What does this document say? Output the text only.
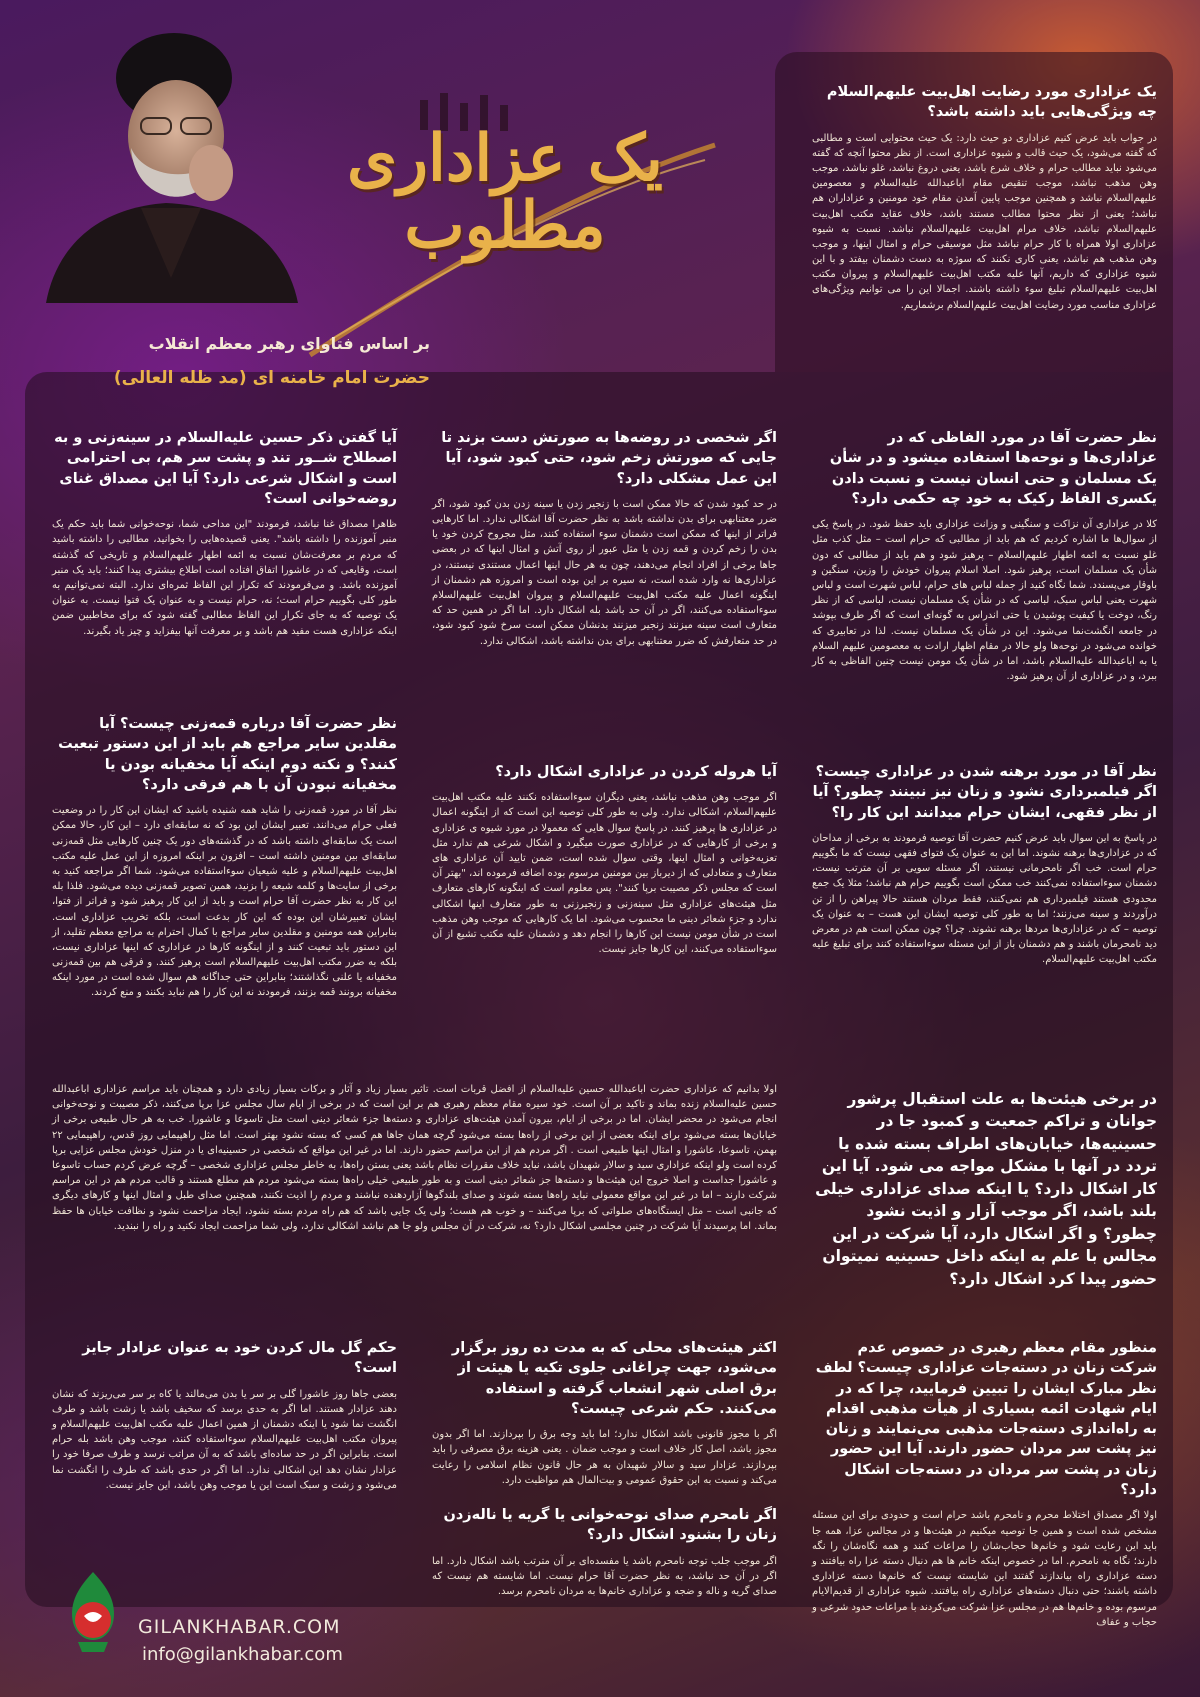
یک عزاداری مطلوب
بر اساس فتاوای رهبر معظم انقلاب
حضرت امام خامنه ای (مد ظله العالی)
یک عزاداری مورد رضایت اهل‌بیت علیهم‌السلام چه ویژگی‌هایی باید داشته باشد؟

در جواب باید عرض کنیم عزاداری دو حیث دارد: یک حیث محتوایی است و مطالبی که گفته می‌شود، یک حیث قالب و شیوه عزاداری است. از نظر محتوا آنچه که گفته می‌شود نباید مطالب حرام و خلاف شرع باشد، یعنی دروغ نباشد، غلو نباشد، موجب وهن مذهب نباشد، موجب تنقیص مقام اباعبدالله علیه‌السلام و معصومین علیهم‌السلام نباشد و همچنین موجب پایین آمدن مقام خود مومنین و عزاداران هم نباشد؛ یعنی از نظر محتوا مطالب مستند باشد، خلاف عقاید مکتب اهل‌بیت علیهم‌السلام نباشد، خلاف مرام اهل‌بیت علیهم‌السلام نباشد. نسبت به شیوه عزاداری اولا همراه با کار حرام نباشد مثل موسیقی حرام و امثال اینها، و موجب وهن مذهب هم نباشد، یعنی کاری نکنند که سوژه به دست دشمنان بیفتد و با این شیوه عزاداری که داریم، آنها علیه مکتب اهل‌بیت علیهم‌السلام و پیروان مکتب اهل‌بیت علیهم‌السلام تبلیغ سوء داشته باشند. اجمالا این را می توانیم ویژگی‌های عزاداری مناسب مورد رضایت اهل‌بیت علیهم‌السلام برشماریم.

نظر حضرت آقا در مورد الفاظی که در عزاداری‌ها و نوحه‌ها استفاده میشود و در شأن یک مسلمان و حتی انسان نیست و نسبت دادن یکسری الفاظ رکیک به خود چه حکمی دارد؟

کلا در عزاداری آن نزاکت و سنگینی و وزانت عزاداری باید حفظ شود. در پاسخ یکی از سوال‌ها ما اشاره کردیم که هم باید از مطالبی که حرام است – مثل کذب مثل غلو نسبت به ائمه اطهار علیهم‌السلام – پرهیز شود و هم باید از مطالبی که دون شأن یک مسلمان است، پرهیز شود. اصلا اسلام پیروان خودش را وزین، سنگین و باوقار می‌پسندد. شما نگاه کنید از جمله لباس های حرام، لباس شهرت است و لباس شهرت یعنی لباس سبک، لباسی که در شأن یک مسلمان نیست، لباسی که از نظر رنگ، دوخت یا کیفیت پوشیدن یا حتی اندراس به گونه‌ای است که اگر طرف بپوشد در جامعه انگشت‌نما می‌شود. این در شأن یک مسلمان نیست. لذا در تعابیری که خوانده می‌شود در نوحه‌ها ولو حالا در مقام اظهار ارادت به معصومین علیهم السلام یا به اباعبدالله علیه‌السلام باشد، اما در شأن یک مومن نیست چنین الفاظی به کار ببرد، و در عزاداری از آن پرهیز شود.

اگر شخصی در روضه‌ها به صورتش دست بزند تا جایی که صورتش زخم شود، حتی کبود شود، آیا این عمل مشکلی دارد؟

در حد کبود شدن که حالا ممکن است با زنجیر زدن یا سینه زدن بدن کبود شود، اگر ضرر معتنابهی برای بدن نداشته باشد به نظر حضرت آقا اشکالی ندارد. اما کارهایی فراتر از اینها که ممکن است دشمنان سوء استفاده کنند، مثل مجروح کردن خود یا بدن را زخم کردن و قمه زدن یا مثل عبور از روی آتش و امثال اینها که در بعضی جاها برخی از افراد انجام می‌دهند، چون به هر حال اینها اعمال مستندی نیستند، در عزاداری‌ها نه وارد شده است، نه سیره بر این بوده است و امروزه هم دشمنان از اینگونه اعمال علیه مکتب اهل‌بیت علیهم‌السلام و پیروان اهل‌بیت علیهم‌السلام سوءاستفاده می‌کنند، اگر در آن حد باشد بله اشکال دارد. اما اگر در همین حد که متعارف است سینه میزنند زنجیر میزنند بدنشان ممکن است سرخ شود کبود شود، در حد متعارفش که ضرر معتنابهی برای بدن نداشته باشد، اشکالی ندارد.

آیا گفتن ذکر حسین علیه‌السلام در سینه‌زنی و به اصطلاح شــور تند و پشت سر هم، بی احترامی است و اشکال شرعی دارد؟ آیا این مصداق غنای روضه‌خوانی است؟

ظاهرا مصداق غنا نباشد، فرمودند "این مداحی شما، نوحه‌خوانی شما باید حکم یک منبر آموزنده را داشته باشد". یعنی قصیده‌هایی را بخوانید، مطالبی را داشته باشید که مردم بر معرفت‌شان نسبت به ائمه اطهار علیهم‌السلام و تاریخی که گذشته است، وقایعی که در عاشورا اتفاق افتاده است اطلاع بیشتری پیدا کنند؛ باید یک منبر آموزنده باشد. و می‌فرمودند که تکرار این الفاظ ثمره‌ای ندارد. البته نمی‌توانیم به طور کلی بگوییم حرام است؛ نه، حرام نیست و به عنوان یک فتوا نیست. به عنوان یک توصیه که به جای تکرار این الفاظ مطالبی گفته شود که برای مخاطبین ضمن اینکه عزاداری هست مفید هم باشد و بر معرفت آنها بیفزاید و چیز یاد بگیرند.

نظر آقا در مورد برهنه شدن در عزاداری چیست؟ اگر فیلمبرداری نشود و زنان نیز نبینند چطور؟ آیا از نظر فقهی، ایشان حرام میدانند این کار را؟

در پاسخ به این سوال باید عرض کنیم حضرت آقا توصیه فرمودند به برخی از مداحان که در عزاداری‌ها برهنه نشوند. اما این به عنوان یک فتوای فقهی نیست که ما بگوییم حرام است. خب اگر نامحرمانی نیستند، اگر مسئله سویی بر آن مترتب نیست، دشمنان سوءاستفاده نمی‌کنند خب ممکن است بگوییم حرام هم نباشد؛ مثلا یک جمع محدودی هستند فیلمبرداری هم نمی‌کنند، فقط مردان هستند حالا پیراهن را از تن درآوردند و سینه می‌زنند؛ اما به طور کلی توصیه ایشان این هست – به عنوان یک توصیه – که در عزاداری‌ها مردها برهنه نشوند. چرا؟ چون ممکن است هم در معرض دید نامحرمان باشند و هم دشمنان باز از این مسئله سوءاستفاده کنند برای تبلیغ علیه مکتب اهل‌بیت علیهم‌السلام.

آیا هروله کردن در عزاداری اشکال دارد؟

اگر موجب وهن مذهب نباشد، یعنی دیگران سوءاستفاده نکنند علیه مکتب اهل‌بیت علیهم‌السلام، اشکالی ندارد. ولی به طور کلی توصیه این است که از اینگونه اعمال در عزاداری ها پرهیز کنند. در پاسخ سوال هایی که معمولا در مورد شیوه ی عزاداری و برخی از کارهایی که در عزاداری صورت میگیرد و اشکال شرعی هم ندارد مثل تعزیه‌خوانی و امثال اینها، وقتی سوال شده است، ضمن تایید آن عزاداری های متعارف و متعادلی که از دیرباز بین مومنین مرسوم بوده اضافه فرموده اند، "بهتر آن است که مجلس ذکر مصیبت برپا کنند". پس معلوم است که اینگونه کارهای متعارف مثل هیئت‌های عزاداری مثل سینه‌زنی و زنجیرزنی به طور متعارف اینها اشکالی ندارد و جزء شعائر دینی ما محسوب می‌شود. اما یک کارهایی که موجب وهن مذهب است در شأن مومن نیست این کارها را انجام دهد و دشمنان علیه مکتب تشیع از آن سوءاستفاده می‌کنند، این کارها جایز نیست.

نظر حضرت آقا درباره قمه‌زنی چیست؟ آیا مقلدین سایر مراجع هم باید از این دستور تبعیت کنند؟ و نکته دوم اینکه آیا مخفیانه بودن یا مخفیانه نبودن آن با هم فرقی دارد؟

نظر آقا در مورد قمه‌زنی را شاید همه شنیده باشید که ایشان این کار را در وضعیت فعلی حرام می‌دانند. تعبیر ایشان این بود که نه سابقه‌ای دارد – این کار، حالا ممکن است یک سابقه‌ای داشته باشد که در گذشته‌های دور یک چنین کارهایی مثل قمه‌زنی سابقه‌ای بین مومنین داشته است – افزون بر اینکه امروزه از این عمل علیه مکتب اهل‌بیت علیهم‌السلام و علیه شیعیان سوءاستفاده می‌شود. شما اگر مراجعه کنید به برخی از سایت‌ها و کلمه شیعه را بزنید، همین تصویر قمه‌زنی دیده می‌شود. فلذا بله این کار به نظر حضرت آقا حرام است و باید از این کار پرهیز شود و فراتر از فتوا، ایشان تعبیرشان این بوده که این کار بدعت است، بلکه تخریب عزاداری است. بنابراین همه مومنین و مقلدین سایر مراجع با کمال احترام به مراجع معظم تقلید، از این دستور باید تبعیت کنند و از اینگونه کارها در عزاداری که اینها عزاداری نیست، بلکه به ضرر مکتب اهل‌بیت علیهم‌السلام است پرهیز کنند. و فرقی هم بین قمه‌زنی مخفیانه یا علنی نگذاشتند؛ بنابراین حتی جداگانه هم سوال شده است در مورد اینکه مخفیانه برونند قمه بزنند، فرمودند نه این کار را هم نباید بکنند و منع کردند.

در برخی هیئت‌ها به علت استقبال پرشور جوانان و تراکم جمعیت و کمبود جا در حسینیه‌ها، خیابان‌های اطراف بسته شده یا تردد در آنها با مشکل مواجه می شود. آیا این کار اشکال دارد؟ یا اینکه صدای عزاداری خیلی بلند باشد، اگر موجب آزار و اذیت نشود چطور؟ و اگر اشکال دارد، آیا شرکت در این مجالس با علم به اینکه داخل حسینیه نمیتوان حضور پیدا کرد اشکال دارد؟

اولا بدانیم که عزاداری حضرت اباعبدالله حسین علیه‌السلام از افضل قربات است. تاثیر بسیار زیاد و آثار و برکات بسیار زیادی دارد و همچنان باید مراسم عزاداری اباعبدالله حسین علیه‌السلام زنده بماند و تاکید بر آن است. خود سیره مقام معظم رهبری هم بر این است که در برخی از ایام سال مجلس عزا برپا می‌کنند، ذکر مصیبت و نوحه‌خوانی انجام می‌شود در محضر ایشان. اما در برخی از ایام، بیرون آمدن هیئت‌های عزاداری و دسته‌ها جزء شعائر دینی است مثل تاسوعا و عاشورا. خب به هر حال طبیعی برخی از خیابان‌ها بسته می‌شود برای اینکه بعضی از این برخی از راه‌ها بسته می‌شود گرچه همان جاها هم کسی که بسته نشود بهتر است. اما مثل راهپیمایی روز قدس، راهپیمایی ۲۲ بهمن، تاسوعا، عاشورا و امثال اینها طبیعی است . اگر مردم هم از این مراسم حضور دارند. اما در غیر این مواقع که شخصی در حسینیه‌ای یا در منزل خودش مجلس عزایی برپا کرده است ولو اینکه عزاداری سید و سالار شهیدان باشد، نباید خلاف مقررات نظام باشد یعنی بستن راه‌ها، به خاطر مجلس عزاداری شخصی – گرچه عرض کردم حساب تاسوعا و عاشورا جداست و اصلا خروج این هیئت‌ها و دسته‌ها جز شعائر دینی است و به طور طبیعی خیلی راه‌ها بسته می‌شود مردم هم مطلع هستند و قالب مردم هم در این مراسم شرکت دارند – اما در غیر این مواقع معمولی نباید راه‌ها بسته شوند و صدای بلندگوها آزاردهنده نباشند و مردم را اذیت نکنند، همچنین صدای طبل و امثال اینها و کارهای دیگری که جانبی است – مثل ایستگاه‌های صلواتی که برپا می‌کنند – و خوب هم هست؛ ولی یک جایی باشد که هم راه مردم بسته نشود، ایجاد مزاحمت نشود و نظافت خیابان ها حفظ بماند. اما پرسیدند آیا شرکت در چنین مجلسی اشکال دارد؟ نه، شرکت در آن مجلس ولو جا هم نباشد اشکالی ندارد، ولی شما مزاحمت ایجاد نکنید و راه را نبندید.

حکم گل مال کردن خود به عنوان عزادار جایز است؟

بعضی جاها روز عاشورا گلی بر سر یا بدن می‌مالند یا کاه بر سر می‌ریزند که نشان دهند عزادار هستند. اما اگر به حدی برسد که سخیف باشد یا زشت باشد و طرف انگشت نما شود یا اینکه دشمنان از همین اعمال علیه مکتب اهل‌بیت علیهم‌السلام و پیروان مکتب اهل‌بیت علیهم‌السلام سوءاستفاده کنند، موجب وهن باشد بله حرام است. بنابراین اگر در حد ساده‌ای باشد که به آن مراتب نرسد و طرف صرفا خود را عزادار نشان دهد این اشکالی ندارد. اما اگر در حدی باشد که طرف را انگشت نما می‌شود و زشت و سبک است این یا موجب وهن باشد، این جایز نیست.

اکثر هیئت‌های محلی که به مدت ده روز برگزار می‌شود، جهت چراغانی جلوی تکیه یا هیئت از برق اصلی شهر انشعاب گرفته و استفاده می‌کنند. حکم شرعی چیست؟

اگر با مجوز قانونی باشد اشکال ندارد؛ اما باید وجه برق را بپردازند. اما اگر بدون مجوز باشد، اصل کار خلاف است و موجب ضمان . یعنی هزینه برق مصرفی را باید بپردازند. عزادار سید و سالار شهیدان به هر حال قانون نظام اسلامی را رعایت می‌کند و نسبت به این حقوق عمومی و بیت‌المال هم مواظبت دارد.

اگر نامحرم صدای نوحه‌خوانی یا گریه یا ناله‌زدن زنان را بشنود اشکال دارد؟

اگر موجب جلب توجه نامحرم باشد یا مفسده‌ای بر آن مترتب باشد اشکال دارد. اما اگر در آن حد نباشد، به نظر حضرت آقا حرام نیست. اما شایسته هم نیست که صدای گریه و ناله و ضجه و عزاداری خانم‌ها به مردان نامحرم برسد.

منظور مقام معظم رهبری در خصوص عدم شرکت زنان در دسته‌جات عزاداری چیست؟ لطف نظر مبارک ایشان را تبیین فرمایید، چرا که در ایام شهادت ائمه بسیاری از هیأت مذهبی اقدام به راه‌اندازی دسته‌جات مذهبی می‌نمایند و زنان نیز پشت سر مردان حضور دارند. آیا این حضور زنان در پشت سر مردان در دسته‌جات اشکال دارد؟

اولا اگر مصداق اختلاط محرم و نامحرم باشد حرام است و حدودی برای این مسئله مشخص شده است و همین جا توصیه میکنیم در هیئت‌ها و در مجالس عزا، همه جا باید این رعایت شود و خانم‌ها حجاب‌شان را مراعات کنند و همه نگاه‌شان را نگه دارند؛ نگاه به نامحرم. اما در خصوص اینکه خانم ها هم دنبال دسته عزا راه بیافتند و دسته عزاداری راه بیاندازند گفتند این شایسته نیست که خانم‌ها دسته عزاداری داشته باشند؛ حتی دنبال دسته‌های عزاداری راه بیافتند. شیوه عزاداری از قدیم‌الایام مرسوم بوده و خانم‌ها هم در مجلس عزا شرکت می‌کردند با مراعات حدود شرعی و حجاب و عفاف

GILANKHABAR.COM
info@gilankhabar.com
